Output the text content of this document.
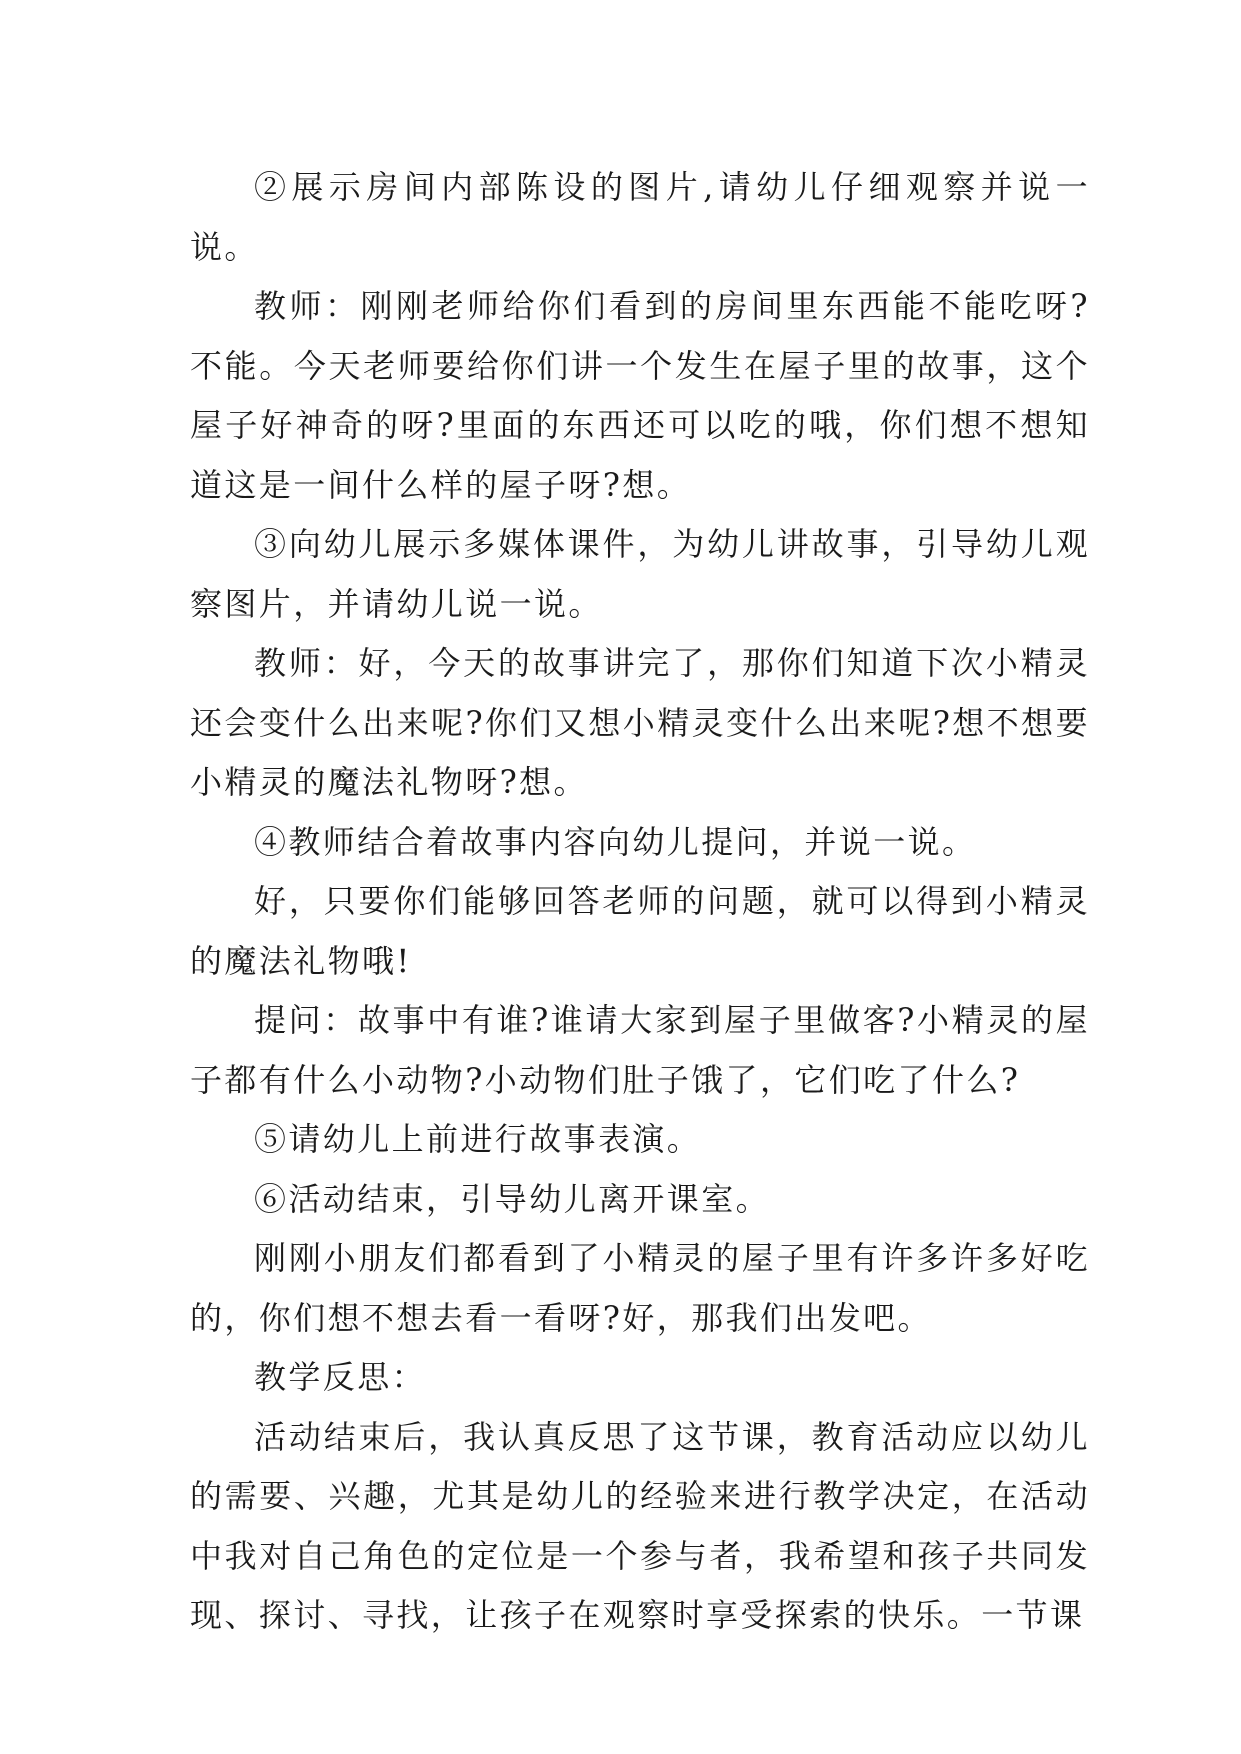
②展示房间内部陈设的图片,请幼儿仔细观察并说一说。

教师：刚刚老师给你们看到的房间里东西能不能吃呀?不能。今天老师要给你们讲一个发生在屋子里的故事，这个屋子好神奇的呀?里面的东西还可以吃的哦，你们想不想知道这是一间什么样的屋子呀?想。

③向幼儿展示多媒体课件，为幼儿讲故事，引导幼儿观察图片，并请幼儿说一说。

教师：好，今天的故事讲完了，那你们知道下次小精灵还会变什么出来呢?你们又想小精灵变什么出来呢?想不想要小精灵的魔法礼物呀?想。

④教师结合着故事内容向幼儿提问，并说一说。

好，只要你们能够回答老师的问题，就可以得到小精灵的魔法礼物哦!

提问：故事中有谁?谁请大家到屋子里做客?小精灵的屋子都有什么小动物?小动物们肚子饿了，它们吃了什么?

⑤请幼儿上前进行故事表演。

⑥活动结束，引导幼儿离开课室。

刚刚小朋友们都看到了小精灵的屋子里有许多许多好吃的，你们想不想去看一看呀?好，那我们出发吧。

教学反思：

活动结束后，我认真反思了这节课，教育活动应以幼儿的需要、兴趣，尤其是幼儿的经验来进行教学决定，在活动中我对自己角色的定位是一个参与者，我希望和孩子共同发现、探讨、寻找，让孩子在观察时享受探索的快乐。一节课
